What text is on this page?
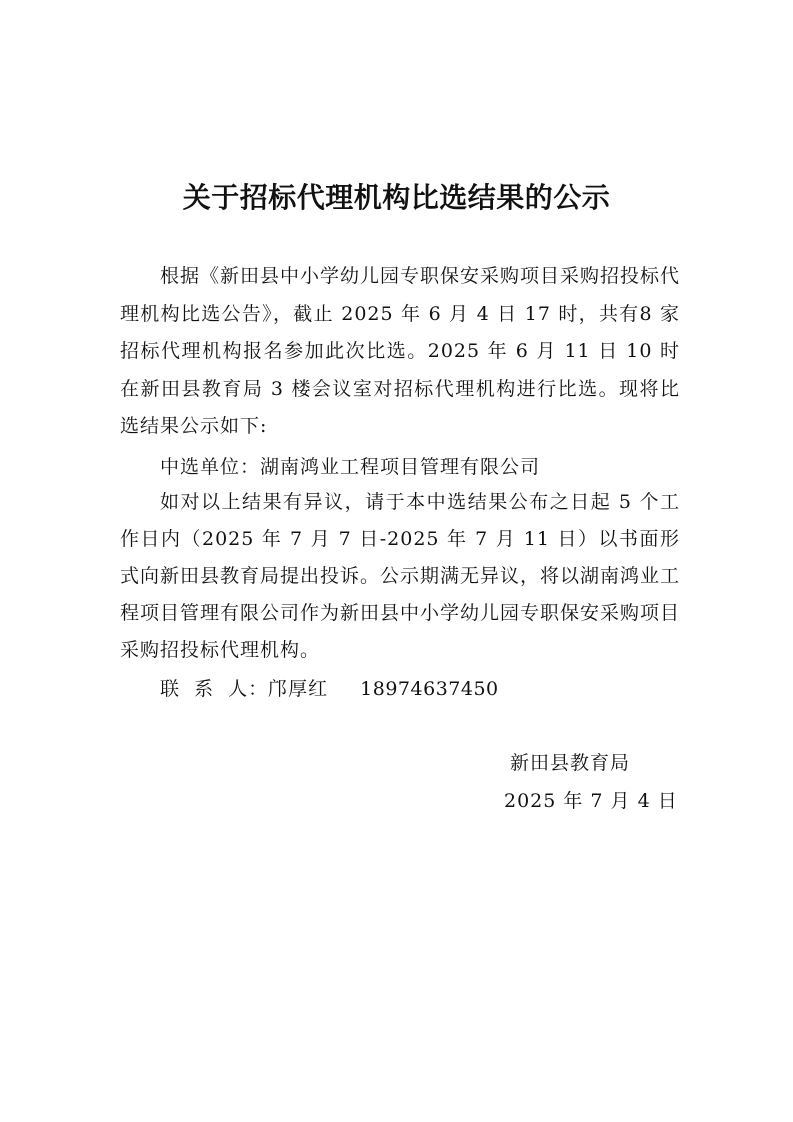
关于招标代理机构比选结果的公示
根据《新田县中小学幼儿园专职保安采购项目采购招投标代理机构比选公告》，截止 2025 年 6 月 4 日 17 时，共有8 家招标代理机构报名参加此次比选。2025 年 6 月 11 日 10 时在新田县教育局 3 楼会议室对招标代理机构进行比选。现将比选结果公示如下:
中选单位：湖南鸿业工程项目管理有限公司
如对以上结果有异议，请于本中选结果公布之日起 5 个工作日内（2025 年 7 月 7 日-2025 年 7 月 11 日）以书面形式向新田县教育局提出投诉。公示期满无异议，将以湖南鸿业工程项目管理有限公司作为新田县中小学幼儿园专职保安采购项目采购招投标代理机构。
联  系  人：邝厚红 18974637450
新田县教育局
2025 年 7 月 4 日
